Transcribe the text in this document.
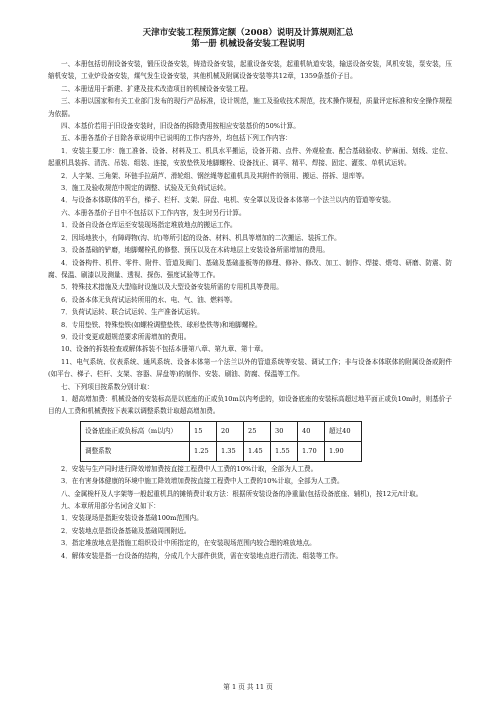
天津市安装工程预算定额（2008）说明及计算规则汇总
第一册 机械设备安装工程说明

一、本册包括切削设备安装，锻压设备安装，铸造设备安装，起重设备安装，起重机轨道安装，输送设备安装，风机安装，泵安装，压缩机安装，工业炉设备安装，煤气发生设备安装，其他机械及附属设备安装等共12章，1359条基价子目。

二、本册适用于新建、扩建及技术改造项目的机械设备安装工程。

三、本册以国家和有关工业部门发布的现行产品标准，设计规范，施工及验收技术规范，技术操作规程，质量评定标准和安全操作规程为依据。

四、本基价若用于旧设备安装时，旧设备的拆除费用按相应安装基价的50%计算。

五、本册各基价子目除各章说明中已说明的工作内容外，均包括下列工作内容：

1．安装主要工序：施工准备、设备、材料及工、机具水平搬运，设备开箱、点件、外观检查、配合基础验收、铲麻面、划线、定位、起重机具装拆、清洗、吊装、组装、连接，安放垫铁及地脚螺栓、设备找正、调平、精平、焊接、固定、灌浆、单机试运转。

2．人字架、三角架、环链手拉葫芦、滑轮组、钢丝绳等起重机具及其附件的领用、搬运、搭拆、退库等。

3．施工及验收规范中规定的调整、试验及无负荷试运转。

4．与设备本体联体的平台，梯子、栏杆、支架、屏盘、电机、安全罩以及设备本体第一个法兰以内的管道等安装。

六、本册各基价子目中不包括以下工作内容，发生时另行计算。

1．设备自设备仓库运至安装现场指定堆放地点的搬运工作。

2．因场地狭小，有障碍物(沟、坑)等所引起的设备、材料、机具等增加的二次搬运、装拆工作。

3．设备基础的铲磨，地脚螺栓孔的修整、预压以及在木砖地层上安装设备所需增加的费用。

4．设备构件、机件、零件、附件、管道及阀门、基础及基础盖板等的修理、修补、修改、加工、制作、焊接、煨弯、研磨、防震、防腐、保温、刷漆以及测量、透视、探伤、强度试验等工作。

5．特殊技术措施及大型临时设施以及大型设备安装所需的专用机具等费用。

6．设备本体无负荷试运转所用的水、电、气、油、燃料等。

7．负荷试运转、联合试运转、生产准备试运转。

8．专用垫铁、特殊垫铁(如螺栓调整垫铁、球形垫铁等)和地脚螺栓。

9．设计变更或超规范要求所需增加的费用。

10、设备的拆装检查或解体拆装不包括本册第八章、第九章、第十章。

11、电气系统、仪表系统、通风系统、设备本体第一个法兰以外的管道系统等安装、调试工作；非与设备本体联体的附属设备或附件(如平台、梯子、栏杆、支架、容器、屏盘等)的制作、安装、刷油、防腐、保温等工作。

七、下列项目按系数分别计取：

1．超高增加费：机械设备的安装标高是以底座的正或负10m以内考虑的，如设备底座的安装标高超过地平面正或负10m时，则基价子目的人工费和机械费按下表乘以调整系数计取超高增加费。

设备底座正或负标高（m以内）	15	20	25	30	40	超过40
调整系数	1.25	1.35	1.45	1.55	1.70	1.90

2．安装与生产同时进行降效增加费按直接工程费中人工费的10%计取，全部为人工费。

3．在有害身体健康的环境中施工降效增加费按直接工程费中人工费的10%计取，全部为人工费。

八、金属桅杆及人字架等一般起重机具的摊销费计取方法：根据所安装设备的净重量(包括设备底座、辅机)，按12元/t计取。

九、本章所用部分名词含义如下：

1．安装现场是指距安装设备基础100m范围内。

2．安装地点是指设备基础及基础周围附近。

3．指定堆放地点是指施工组织设计中所指定的，在安装现场范围内较合理的堆放地点。

4．解体安装是指一台设备的结构，分成几个大部件供货，需在安装地点进行清洗、组装等工作。

第 1 页 共 11 页
